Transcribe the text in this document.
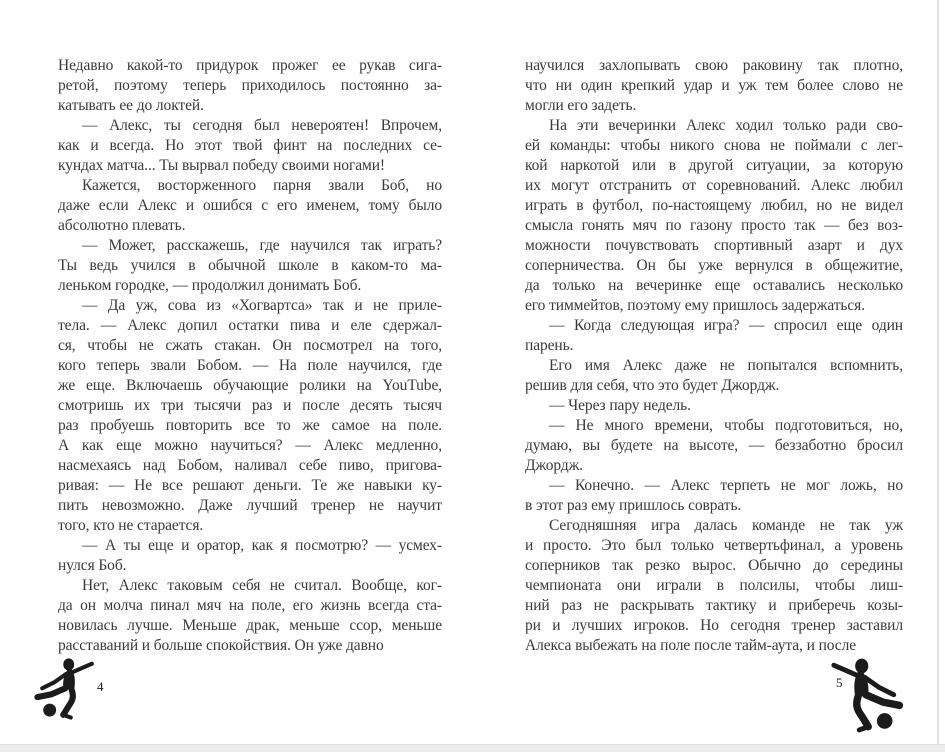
Недавно какой-то придурок прожег ее рукав сига-
ретой, поэтому теперь приходилось постоянно за-
катывать ее до локтей.
— Алекс, ты сегодня был невероятен! Впрочем,
как и всегда. Но этот твой финт на последних се-
кундах матча... Ты вырвал победу своими ногами!
Кажется, восторженного парня звали Боб, но
даже если Алекс и ошибся с его именем, тому было
абсолютно плевать.
— Может, расскажешь, где научился так играть?
Ты ведь учился в обычной школе в каком-то ма-
леньком городке, — продолжил донимать Боб.
— Да уж, сова из «Хогвартса» так и не приле-
тела. — Алекс допил остатки пива и еле сдержал-
ся, чтобы не сжать стакан. Он посмотрел на того,
кого теперь звали Бобом. — На поле научился, где
же еще. Включаешь обучающие ролики на YouTube,
смотришь их три тысячи раз и после десять тысяч
раз пробуешь повторить все то же самое на поле.
А как еще можно научиться? — Алекс медленно,
насмехаясь над Бобом, наливал себе пиво, пригова-
ривая: — Не все решают деньги. Те же навыки ку-
пить невозможно. Даже лучший тренер не научит
того, кто не старается.
— А ты еще и оратор, как я посмотрю? — усмех-
нулся Боб.
Нет, Алекс таковым себя не считал. Вообще, ког-
да он молча пинал мяч на поле, его жизнь всегда ста-
новилась лучше. Меньше драк, меньше ссор, меньше
расставаний и больше спокойствия. Он уже давно
4
научился захлопывать свою раковину так плотно,
что ни один крепкий удар и уж тем более слово не
могли его задеть.
На эти вечеринки Алекс ходил только ради сво-
ей команды: чтобы никого снова не поймали с лег-
кой наркотой или в другой ситуации, за которую
их могут отстранить от соревнований. Алекс любил
играть в футбол, по-настоящему любил, но не видел
смысла гонять мяч по газону просто так — без воз-
можности почувствовать спортивный азарт и дух
соперничества. Он бы уже вернулся в общежитие,
да только на вечеринке еще оставались несколько
его тиммейтов, поэтому ему пришлось задержаться.
— Когда следующая игра? — спросил еще один
парень.
Его имя Алекс даже не попытался вспомнить,
решив для себя, что это будет Джордж.
— Через пару недель.
— Не много времени, чтобы подготовиться, но,
думаю, вы будете на высоте, — беззаботно бросил
Джордж.
— Конечно. — Алекс терпеть не мог ложь, но
в этот раз ему пришлось соврать.
Сегодняшняя игра далась команде не так уж
и просто. Это был только четвертьфинал, а уровень
соперников так резко вырос. Обычно до середины
чемпионата они играли в полсилы, чтобы лиш-
ний раз не раскрывать тактику и приберечь козы-
ри и лучших игроков. Но сегодня тренер заставил
Алекса выбежать на поле после тайм-аута, и после
5
